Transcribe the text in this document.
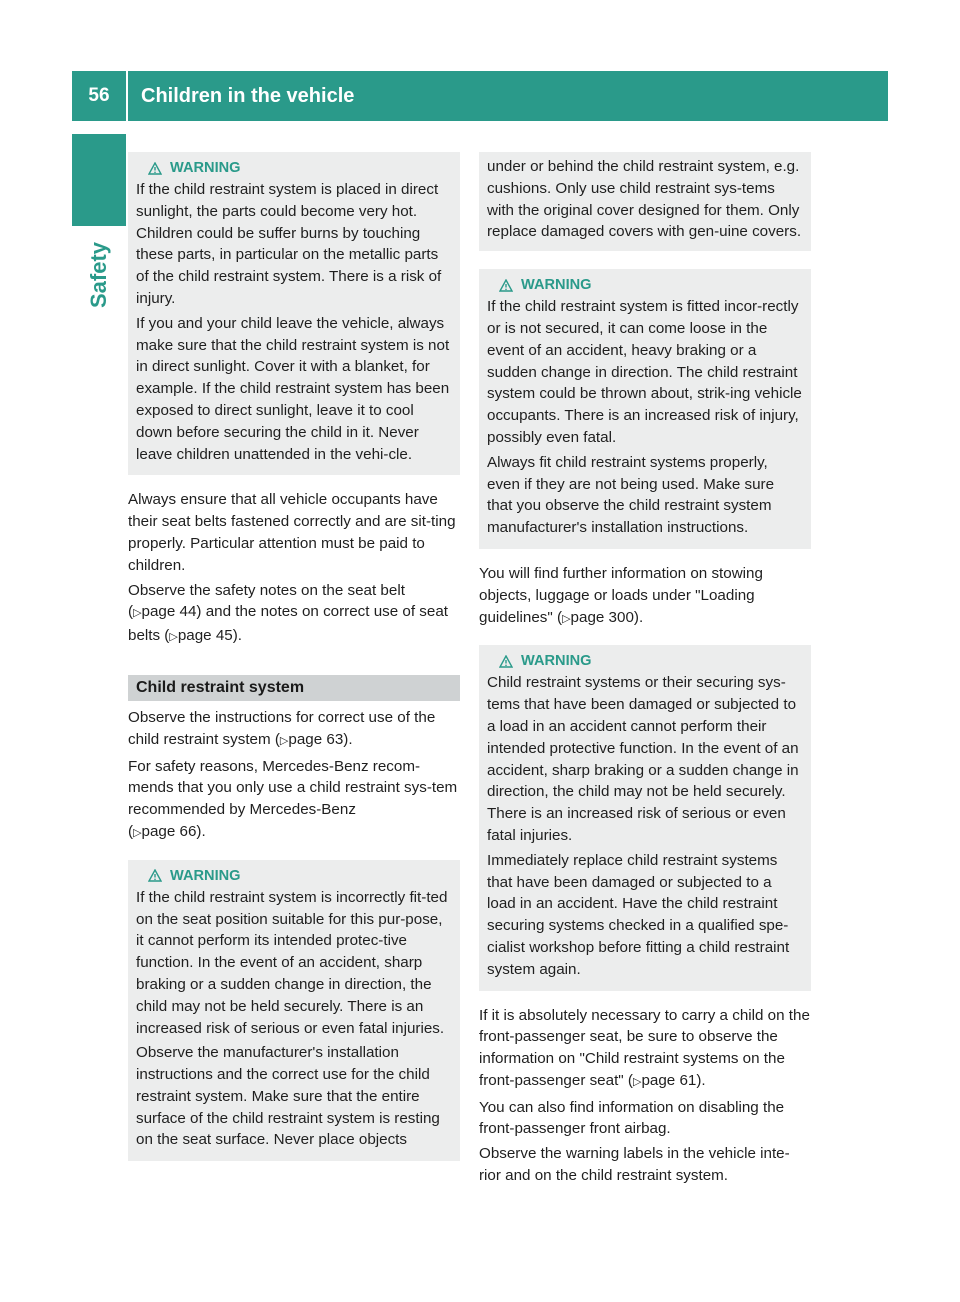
56	Children in the vehicle
Safety
WARNING

If the child restraint system is placed in direct sunlight, the parts could become very hot. Children could be suffer burns by touching these parts, in particular on the metallic parts of the child restraint system. There is a risk of injury.

If you and your child leave the vehicle, always make sure that the child restraint system is not in direct sunlight. Cover it with a blanket, for example. If the child restraint system has been exposed to direct sunlight, leave it to cool down before securing the child in it. Never leave children unattended in the vehi-cle.

Always ensure that all vehicle occupants have their seat belts fastened correctly and are sit-ting properly. Particular attention must be paid to children.

Observe the safety notes on the seat belt
(▷page 44) and the notes on correct use of seat belts (▷page 45).

Child restraint system

Observe the instructions for correct use of the child restraint system (▷page 63).

For safety reasons, Mercedes-Benz recom-mends that you only use a child restraint sys-tem recommended by Mercedes-Benz
(▷page 66).

WARNING

If the child restraint system is incorrectly fit-ted on the seat position suitable for this pur-pose, it cannot perform its intended protec-tive function. In the event of an accident, sharp braking or a sudden change in direction, the child may not be held securely. There is an increased risk of serious or even fatal injuries.

Observe the manufacturer's installation instructions and the correct use for the child restraint system. Make sure that the entire surface of the child restraint system is resting on the seat surface. Never place objects

under or behind the child restraint system, e.g. cushions. Only use child restraint sys-tems with the original cover designed for them. Only replace damaged covers with gen-uine covers.

WARNING

If the child restraint system is fitted incor-rectly or is not secured, it can come loose in the event of an accident, heavy braking or a sudden change in direction. The child restraint system could be thrown about, strik-ing vehicle occupants. There is an increased risk of injury, possibly even fatal.

Always fit child restraint systems properly, even if they are not being used. Make sure that you observe the child restraint system manufacturer's installation instructions.

You will find further information on stowing objects, luggage or loads under "Loading guidelines" (▷page 300).

WARNING

Child restraint systems or their securing sys-tems that have been damaged or subjected to a load in an accident cannot perform their intended protective function. In the event of an accident, sharp braking or a sudden change in direction, the child may not be held securely. There is an increased risk of serious or even fatal injuries.

Immediately replace child restraint systems that have been damaged or subjected to a load in an accident. Have the child restraint securing systems checked in a qualified spe-cialist workshop before fitting a child restraint system again.

If it is absolutely necessary to carry a child on the front-passenger seat, be sure to observe the information on "Child restraint systems on the front-passenger seat" (▷page 61).

You can also find information on disabling the front-passenger front airbag.

Observe the warning labels in the vehicle inte-rior and on the child restraint system.
